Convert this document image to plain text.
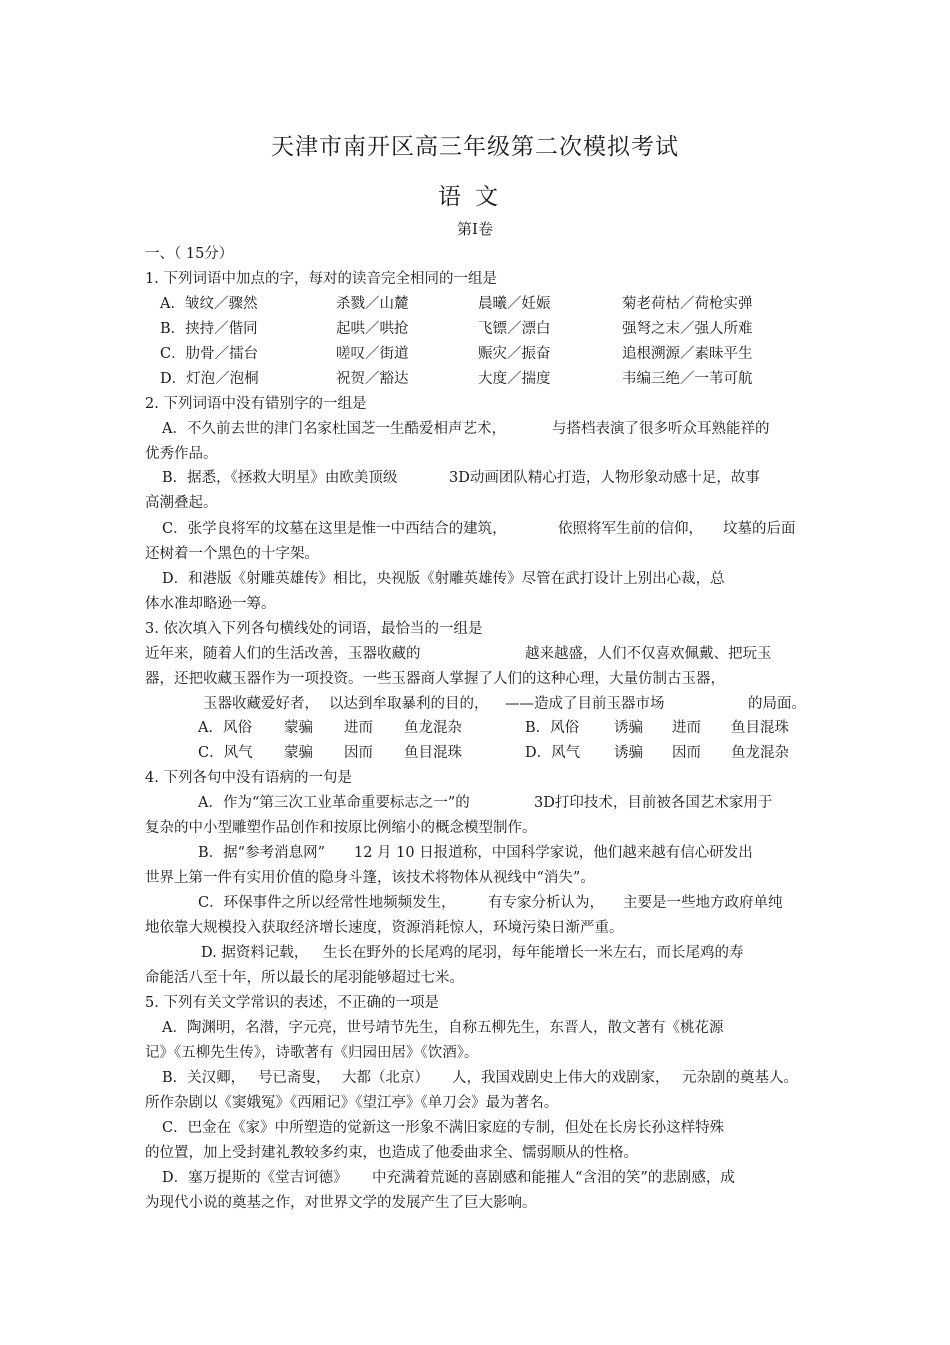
天津市南开区高三年级第二次模拟考试
语文
第Ⅰ卷
一、（ 15分）
1. 下列词语中加点的字，每对的读音完全相同的一组是
A．皱纹／骤然	杀戮／山麓	晨曦／妊娠	菊老荷枯／荷枪实弹
B．挟持／偕同	起哄／哄抢	飞镖／漂白	强弩之末／强人所难
C．肋骨／擂台	嗟叹／街道	赈灾／振奋	追根溯源／素昧平生
D．灯泡／泡桐	祝贺／豁达	大度／揣度	韦编三绝／一苇可航
2. 下列词语中没有错别字的一组是
A．不久前去世的津门名家杜国芝一生酷爱相声艺术，	与搭档表演了很多听众耳熟能祥的
优秀作品。
B．据悉，《拯救大明星》由欧美顶级	3D动画团队精心打造，人物形象动感十足，故事
高潮叠起。
C．张学良将军的坟墓在这里是惟一中西结合的建筑，	依照将军生前的信仰， 坟墓的后面
还树着一个黑色的十字架。
D．和港版《射雕英雄传》相比，央视版《射雕英雄传》尽管在武打设计上别出心裁，总
体水准却略逊一筹。
3. 依次填入下列各句横线处的词语，最恰当的一组是
近年来，随着人们的生活改善，玉器收藏的	越来越盛，人们不仅喜欢佩戴、把玩玉
器，还把收藏玉器作为一项投资。一些玉器商人掌握了人们的这种心理，大量仿制古玉器，
玉器收藏爱好者， 以达到牟取暴利的目的， ——造成了目前玉器市场	的局面。
A．风俗 蒙骗 进而 鱼龙混杂	B．风俗 诱骗 进而 鱼目混珠
C．风气 蒙骗 因而 鱼目混珠	D．风气 诱骗 因而 鱼龙混杂
4. 下列各句中没有语病的一句是
A．作为“第三次工业革命重要标志之一”的	3D打印技术，目前被各国艺术家用于
复杂的中小型雕塑作品创作和按原比例缩小的概念模型制作。
B．据“参考消息网” 12 月 10 日报道称，中国科学家说，他们越来越有信心研发出
世界上第一件有实用价值的隐身斗篷，该技术将物体从视线中“消失”。
C．环保事件之所以经常性地频频发生， 有专家分析认为， 主要是一些地方政府单纯
地依靠大规模投入获取经济增长速度，资源消耗惊人，环境污染日渐严重。
D. 据资料记载， 生长在野外的长尾鸡的尾羽，每年能增长一米左右，而长尾鸡的寿
命能活八至十年，所以最长的尾羽能够超过七米。
5. 下列有关文学常识的表述，不正确的一项是
A．陶渊明，名潜，字元亮，世号靖节先生，自称五柳先生，东晋人，散文著有《桃花源
记》《五柳先生传》，诗歌著有《归园田居》《饮酒》。
B．关汉卿， 号已斋叟， 大都（北京） 人，我国戏剧史上伟大的戏剧家， 元杂剧的奠基人。
所作杂剧以《窦娥冤》《西厢记》《望江亭》《单刀会》最为著名。
C．巴金在《家》中所塑造的觉新这一形象不满旧家庭的专制，但处在长房长孙这样特殊
的位置，加上受封建礼教较多约束，也造成了他委曲求全、懦弱顺从的性格。
D．塞万提斯的《堂吉诃德》 中充满着荒诞的喜剧感和能摧人“含泪的笑”的悲剧感，成
为现代小说的奠基之作，对世界文学的发展产生了巨大影响。
